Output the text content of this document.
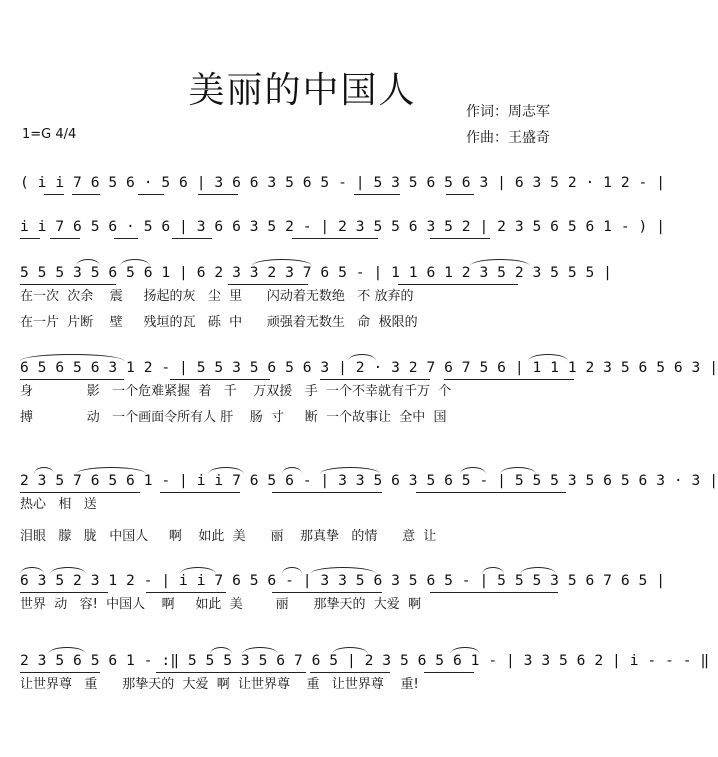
美丽的中国人
作词：周志军
作曲：王盛奇
1=G 4/4
( i i 7 6 5 6 · 5 6 | 3 6 6 3 5 6 5 - | 5 3 5 6 5 6 3 | 6 3 5 2 · 1 2 - |
i i 7 6 5 6 · 5 6 | 3 6 6 3 5 2 - | 2 3 5 5 6 3 5 2 | 2 3 5 6 5 6 1 - ) |
5 5 5 3 5 6 5 6 1 | 6 2 3 3 2 3 7 6 5 - | 1 1 6 1 2 3 5 2 3 5 5 5 |
在一次  次余    震     扬起的灰   尘  里      闪动着无数绝   不 放弃的
在一片  片断    壁     残垣的瓦   砾  中      顽强着无数生   命  极限的
6 5 6 5 6 3 1 2 - | 5 5 3 5 6 5 6 3 | 2 · 3 2 7 6 7 5 6 | 1 1 1 2 3 5 6 5 6 3 |
身             影   一个危难紧握  着   千    万双援   手  一个不幸就有千万  个
搏             动   一个画面令所有人 肝    肠  寸     断  一个故事让  全中  国
2 3 5 7 6 5 6 1 - | i i 7 6 5 6 - | 3 3 5 6 3 5 6 5 - | 5 5 5 3 5 6 5 6 3 · 3 |
热心   相   送
泪眼   朦   胧   中国人     啊    如此  美      丽    那真挚   的情      意  让
6 3 5 2 3 1 2 - | i i 7 6 5 6 - | 3 3 5 6 3 5 6 5 - | 5 5 5 3 5 6 7 6 5 |
世界  动   容!  中国人    啊     如此  美        丽      那挚天的  大爱  啊
2 3 5 6 5 6 1 - :‖ 5 5 5 3 5 6 7 6 5 | 2 3 5 6 5 6 1 - | 3 3 5 6 2 | i - - - ‖
让世界尊   重      那挚天的  大爱  啊  让世界尊    重   让世界尊    重!
